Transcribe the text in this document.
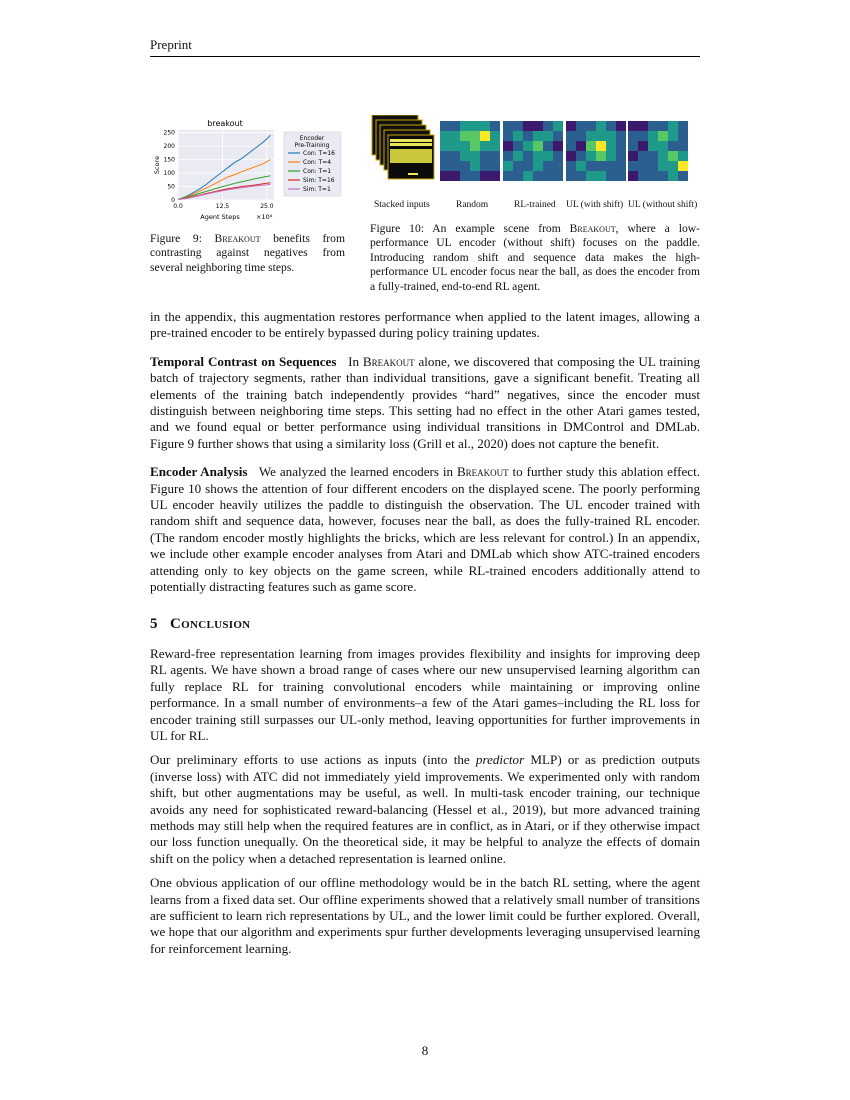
Preprint
breakout
0
50
100
150
200
250
0.0	12.5	25.0
Score
Agent Steps	×10⁴
Encoder
Pre-Training
Con: T=16
Con: T=4
Con: T=1
Sim: T=16
Sim: T=1

Figure 9: Breakout benefits from contrasting against negatives from several neighboring time steps.

Stacked inputs	Random	RL-trained UL (with shift) UL (without shift)

Figure 10: An example scene from Breakout, where a low-performance UL encoder (without shift) focuses on the paddle. Introducing random shift and sequence data makes the high-performance UL encoder focus near the ball, as does the encoder from a fully-trained, end-to-end RL agent.

in the appendix, this augmentation restores performance when applied to the latent images, allowing a pre-trained encoder to be entirely bypassed during policy training updates.

Temporal Contrast on Sequences In Breakout alone, we discovered that composing the UL training batch of trajectory segments, rather than individual transitions, gave a significant benefit. Treating all elements of the training batch independently provides “hard” negatives, since the encoder must distinguish between neighboring time steps. This setting had no effect in the other Atari games tested, and we found equal or better performance using individual transitions in DMControl and DMLab. Figure 9 further shows that using a similarity loss (Grill et al., 2020) does not capture the benefit.

Encoder Analysis We analyzed the learned encoders in Breakout to further study this ablation effect. Figure 10 shows the attention of four different encoders on the displayed scene. The poorly performing UL encoder heavily utilizes the paddle to distinguish the observation. The UL encoder trained with random shift and sequence data, however, focuses near the ball, as does the fully-trained RL encoder. (The random encoder mostly highlights the bricks, which are less relevant for control.) In an appendix, we include other example encoder analyses from Atari and DMLab which show ATC-trained encoders attending only to key objects on the game screen, while RL-trained encoders additionally attend to potentially distracting features such as game score.

5 Conclusion

Reward-free representation learning from images provides flexibility and insights for improving deep RL agents. We have shown a broad range of cases where our new unsupervised learning algorithm can fully replace RL for training convolutional encoders while maintaining or improving online performance. In a small number of environments–a few of the Atari games–including the RL loss for encoder training still surpasses our UL-only method, leaving opportunities for further improvements in UL for RL.

Our preliminary efforts to use actions as inputs (into the predictor MLP) or as prediction outputs (inverse loss) with ATC did not immediately yield improvements. We experimented only with random shift, but other augmentations may be useful, as well. In multi-task encoder training, our technique avoids any need for sophisticated reward-balancing (Hessel et al., 2019), but more advanced training methods may still help when the required features are in conflict, as in Atari, or if they otherwise impact our loss function unequally. On the theoretical side, it may be helpful to analyze the effects of domain shift on the policy when a detached representation is learned online.

One obvious application of our offline methodology would be in the batch RL setting, where the agent learns from a fixed data set. Our offline experiments showed that a relatively small number of transitions are sufficient to learn rich representations by UL, and the lower limit could be further explored. Overall, we hope that our algorithm and experiments spur further developments leveraging unsupervised learning for reinforcement learning.

8
